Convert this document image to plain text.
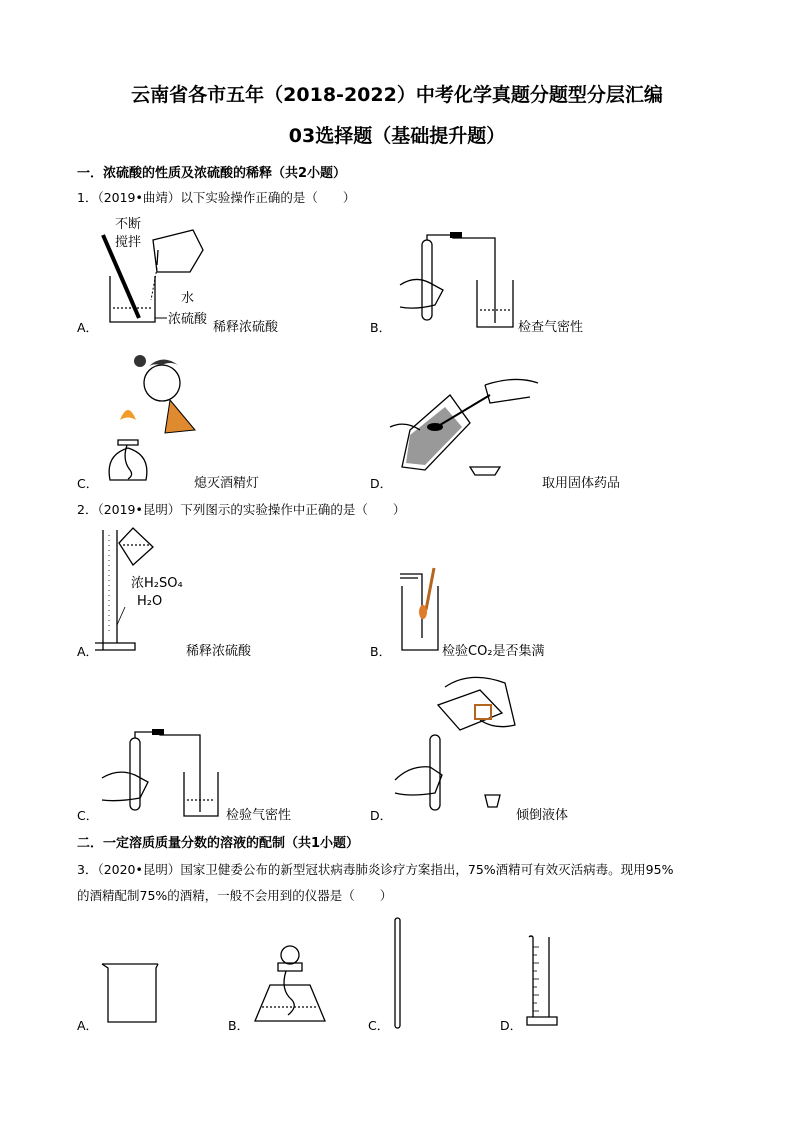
云南省各市五年（2018-2022）中考化学真题分题型分层汇编
03选择题（基础提升题）
一．浓硫酸的性质及浓硫酸的稀释（共2小题）
1．（2019•曲靖）以下实验操作正确的是（　　）
不断
搅拌
水
浓硫酸
A．	稀释浓硫酸	B．	检查气密性
C．	熄灭酒精灯	D．	取用固体药品
2．（2019•昆明）下列图示的实验操作中正确的是（　　）
浓H₂SO₄
H₂O
A．	稀释浓硫酸	B．	检验CO₂是否集满
C．	检验气密性	D．	倾倒液体
二．一定溶质质量分数的溶液的配制（共1小题）
3．（2020•昆明）国家卫健委公布的新型冠状病毒肺炎诊疗方案指出，75%酒精可有效灭活病毒。现用95%
的酒精配制75%的酒精，一般不会用到的仪器是（　　）
A．	B．	C．	D．
